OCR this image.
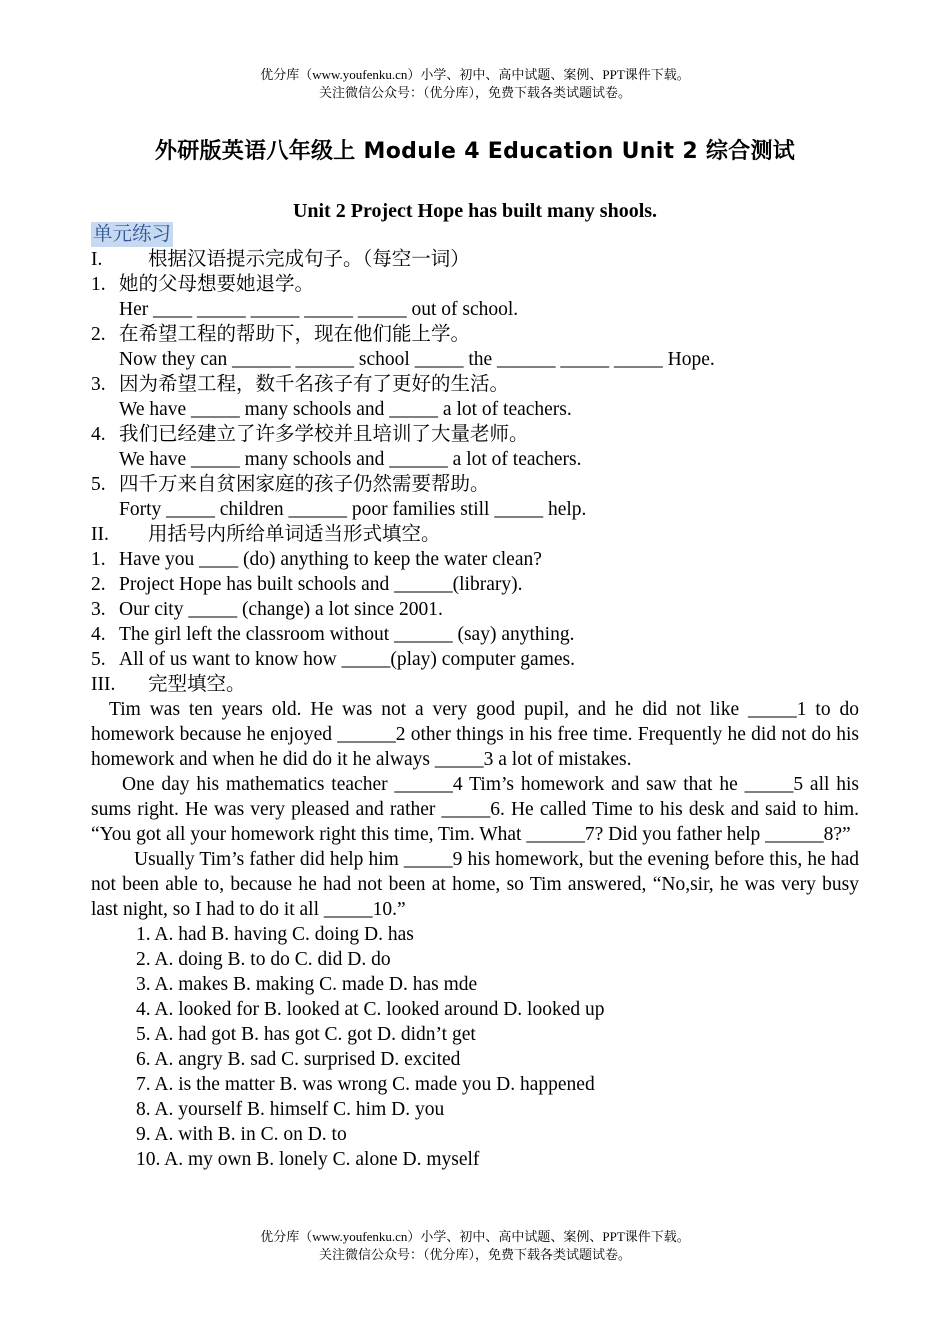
优分库（www.youfenku.cn）小学、初中、高中试题、案例、PPT课件下载。
关注微信公众号：（优分库），免费下载各类试题试卷。
外研版英语八年级上 Module 4 Education Unit 2 综合测试
Unit 2 Project Hope has built many shools.
单元练习
I.	根据汉语提示完成句子。（每空一词）
1. 她的父母想要她退学。
Her ____ _____ _____ _____ _____ out of school.
2. 在希望工程的帮助下，现在他们能上学。
Now they can ______ ______ school _____ the ______ _____ _____ Hope.
3. 因为希望工程，数千名孩子有了更好的生活。
We have _____ many schools and _____ a lot of teachers.
4. 我们已经建立了许多学校并且培训了大量老师。
We have _____ many schools and ______ a lot of teachers.
5. 四千万来自贫困家庭的孩子仍然需要帮助。
Forty _____ children ______ poor families still _____ help.
II.	用括号内所给单词适当形式填空。
1. Have you ____ (do) anything to keep the water clean?
2. Project Hope has built schools and ______(library).
3. Our city _____ (change) a lot since 2001.
4. The girl left the classroom without ______ (say) anything.
5. All of us want to know how _____(play) computer games.
III.	完型填空。
Tim was ten years old. He was not a very good pupil, and he did not like _____1 to do homework because he enjoyed ______2 other things in his free time. Frequently he did not do his homework and when he did do it he always _____3 a lot of mistakes.
One day his mathematics teacher ______4 Tim’s homework and saw that he _____5 all his sums right. He was very pleased and rather _____6. He called Time to his desk and said to him. “You got all your homework right this time, Tim. What ______7? Did you father help ______8?”
Usually Tim’s father did help him _____9 his homework, but the evening before this, he had not been able to, because he had not been at home, so Tim answered, “No,sir, he was very busy last night, so I had to do it all _____10.”
1. A. had B. having C. doing D. has
2. A. doing B. to do C. did D. do
3. A. makes B. making C. made D. has mde
4. A. looked for B. looked at C. looked around D. looked up
5. A. had got B. has got C. got D. didn’t get
6. A. angry B. sad C. surprised D. excited
7. A. is the matter B. was wrong C. made you D. happened
8. A. yourself B. himself C. him D. you
9. A. with B. in C. on D. to
10. A. my own B. lonely C. alone D. myself
优分库（www.youfenku.cn）小学、初中、高中试题、案例、PPT课件下载。
关注微信公众号：（优分库），免费下载各类试题试卷。
